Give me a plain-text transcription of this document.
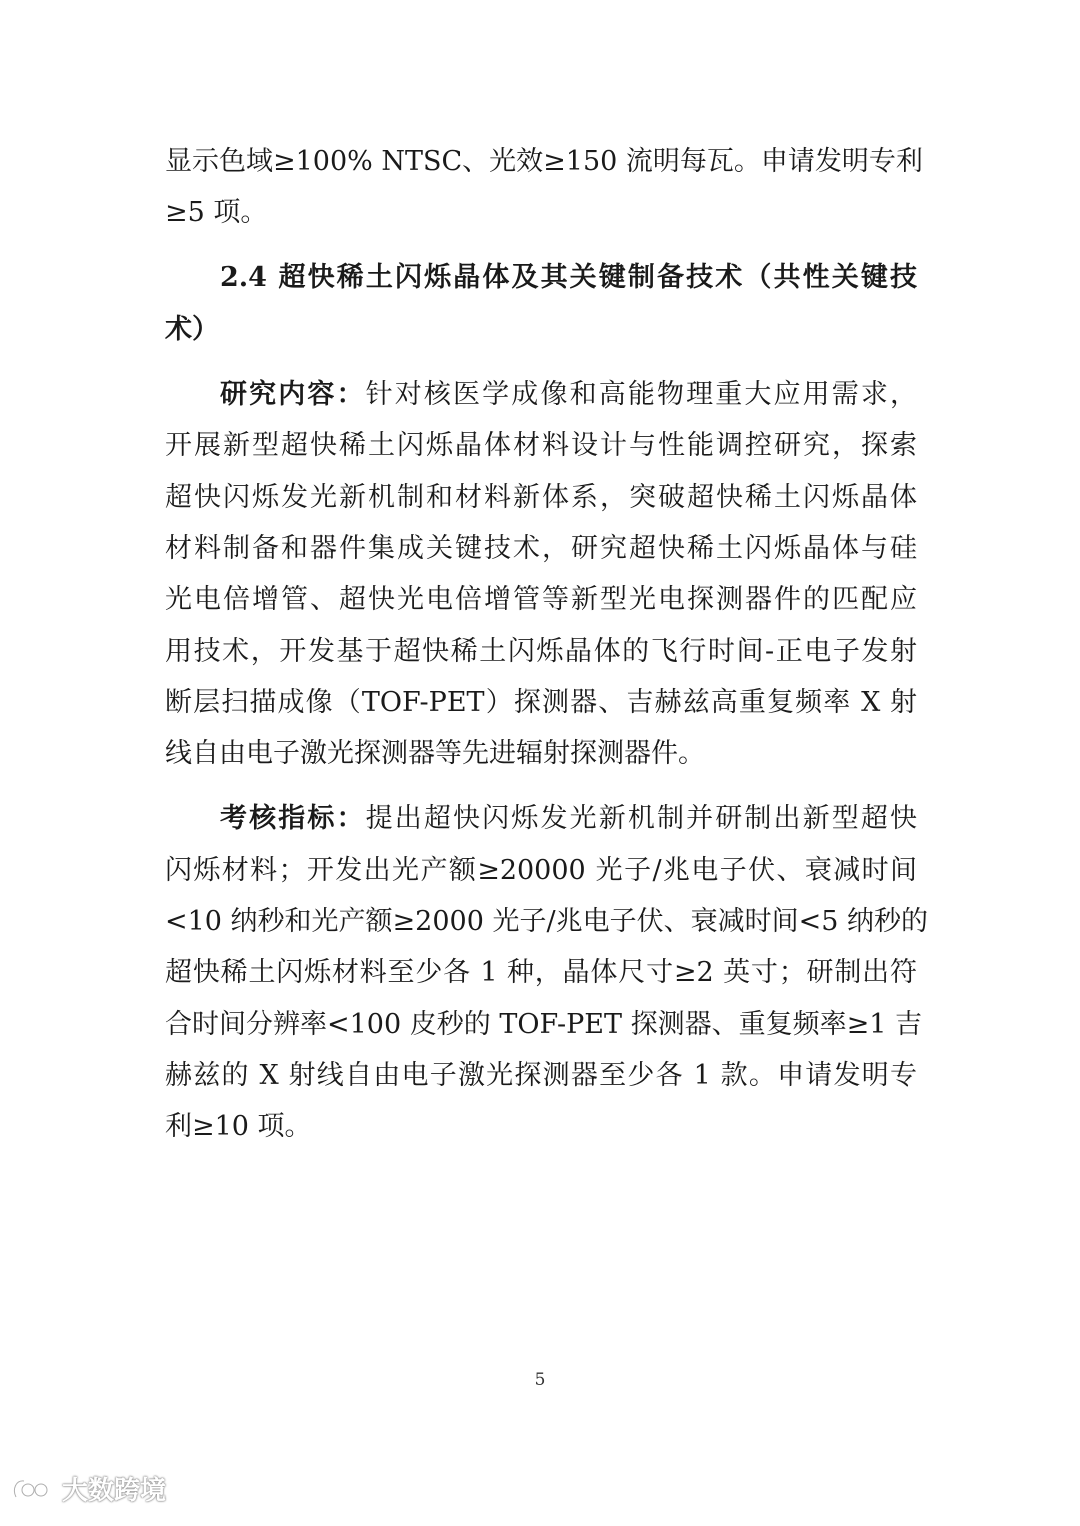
显示色域≥100% NTSC、光效≥150 流明每瓦。申请发明专利
≥5 项。
2.4 超快稀土闪烁晶体及其关键制备技术（共性关键技
术）
研究内容：针对核医学成像和高能物理重大应用需求，
开展新型超快稀土闪烁晶体材料设计与性能调控研究，探索
超快闪烁发光新机制和材料新体系，突破超快稀土闪烁晶体
材料制备和器件集成关键技术，研究超快稀土闪烁晶体与硅
光电倍增管、超快光电倍增管等新型光电探测器件的匹配应
用技术，开发基于超快稀土闪烁晶体的飞行时间-正电子发射
断层扫描成像（TOF-PET）探测器、吉赫兹高重复频率 X 射
线自由电子激光探测器等先进辐射探测器件。
考核指标：提出超快闪烁发光新机制并研制出新型超快
闪烁材料；开发出光产额≥20000 光子/兆电子伏、衰减时间
<10 纳秒和光产额≥2000 光子/兆电子伏、衰减时间<5 纳秒的
超快稀土闪烁材料至少各 1 种，晶体尺寸≥2 英寸；研制出符
合时间分辨率<100 皮秒的 TOF-PET 探测器、重复频率≥1 吉
赫兹的 X 射线自由电子激光探测器至少各 1 款。申请发明专
利≥10 项。
5
大数跨境
